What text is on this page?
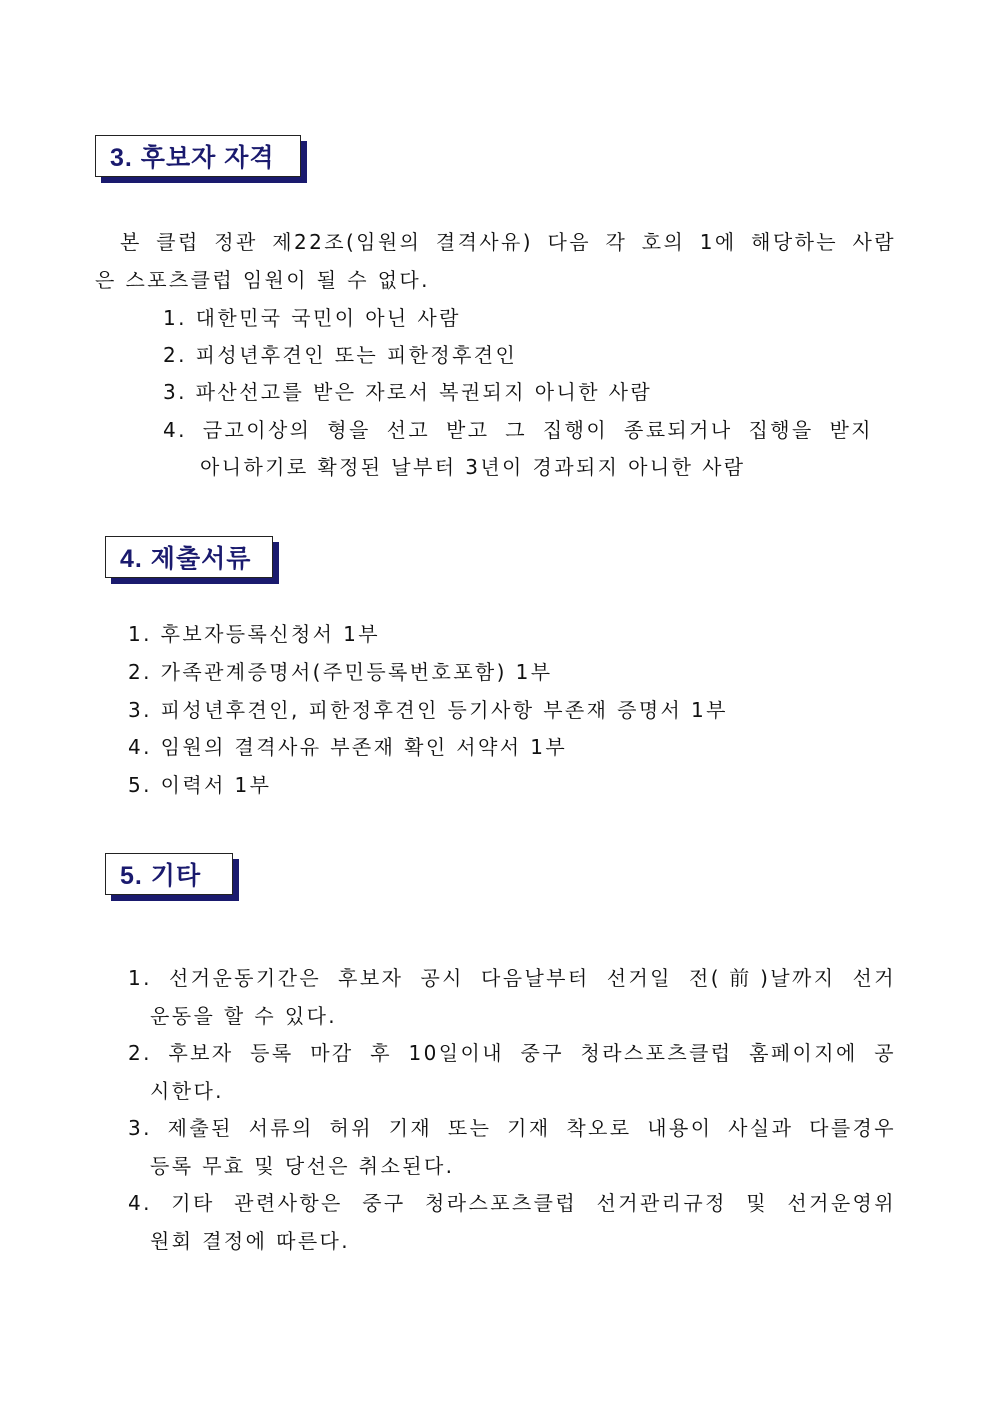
3. 후보자 자격
본 클럽 정관 제22조(임원의 결격사유) 다음 각 호의 1에 해당하는 사람
은 스포츠클럽 임원이 될 수 없다.
1. 대한민국 국민이 아닌 사람
2. 피성년후견인 또는 피한정후견인
3. 파산선고를 받은 자로서 복권되지 아니한 사람
4. 금고이상의 형을 선고 받고 그 집행이 종료되거나 집행을 받지
아니하기로 확정된 날부터 3년이 경과되지 아니한 사람
4. 제출서류
1. 후보자등록신청서 1부
2. 가족관계증명서(주민등록번호포함) 1부
3. 피성년후견인, 피한정후견인 등기사항 부존재 증명서 1부
4. 임원의 결격사유 부존재 확인 서약서 1부
5. 이력서 1부
5. 기타
1. 선거운동기간은 후보자 공시 다음날부터 선거일 전(前)날까지 선거
운동을 할 수 있다.
2. 후보자 등록 마감 후 10일이내 중구 청라스포츠클럽 홈페이지에 공
시한다.
3. 제출된 서류의 허위 기재 또는 기재 착오로 내용이 사실과 다를경우
등록 무효 및 당선은 취소된다.
4. 기타 관련사항은 중구 청라스포츠클럽 선거관리규정 및 선거운영위
원회 결정에 따른다.
